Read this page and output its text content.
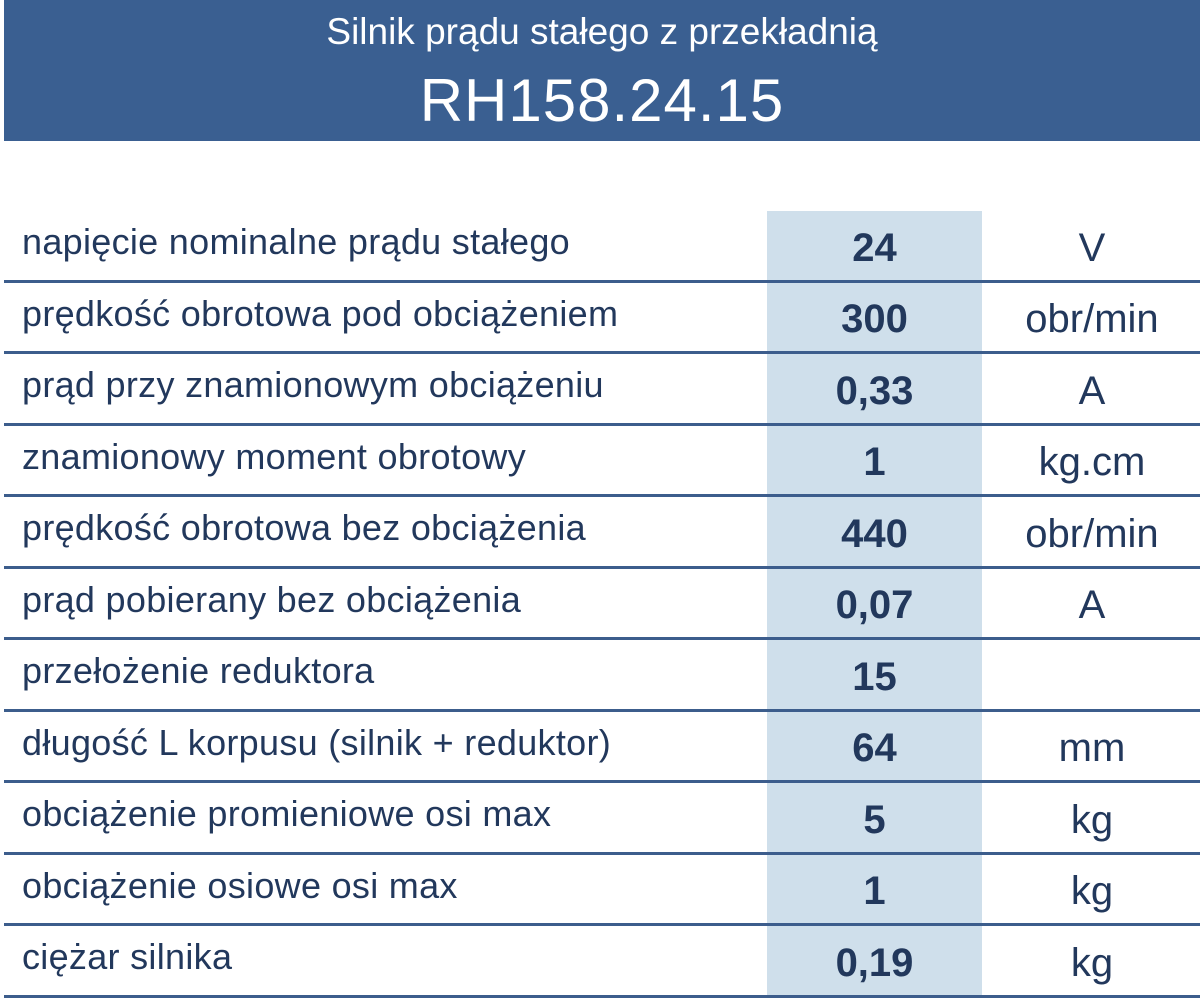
Silnik prądu stałego z przekładnią
RH158.24.15
napięcie nominalne prądu stałego	24	V
prędkość obrotowa pod obciążeniem	300	obr/min
prąd przy znamionowym obciążeniu	0,33	A
znamionowy moment obrotowy	1	kg.cm
prędkość obrotowa bez obciążenia	440	obr/min
prąd pobierany bez obciążenia	0,07	A
przełożenie reduktora	15
długość L korpusu (silnik + reduktor)	64	mm
obciążenie promieniowe osi max	5	kg
obciążenie osiowe osi max	1	kg
ciężar silnika	0,19	kg
